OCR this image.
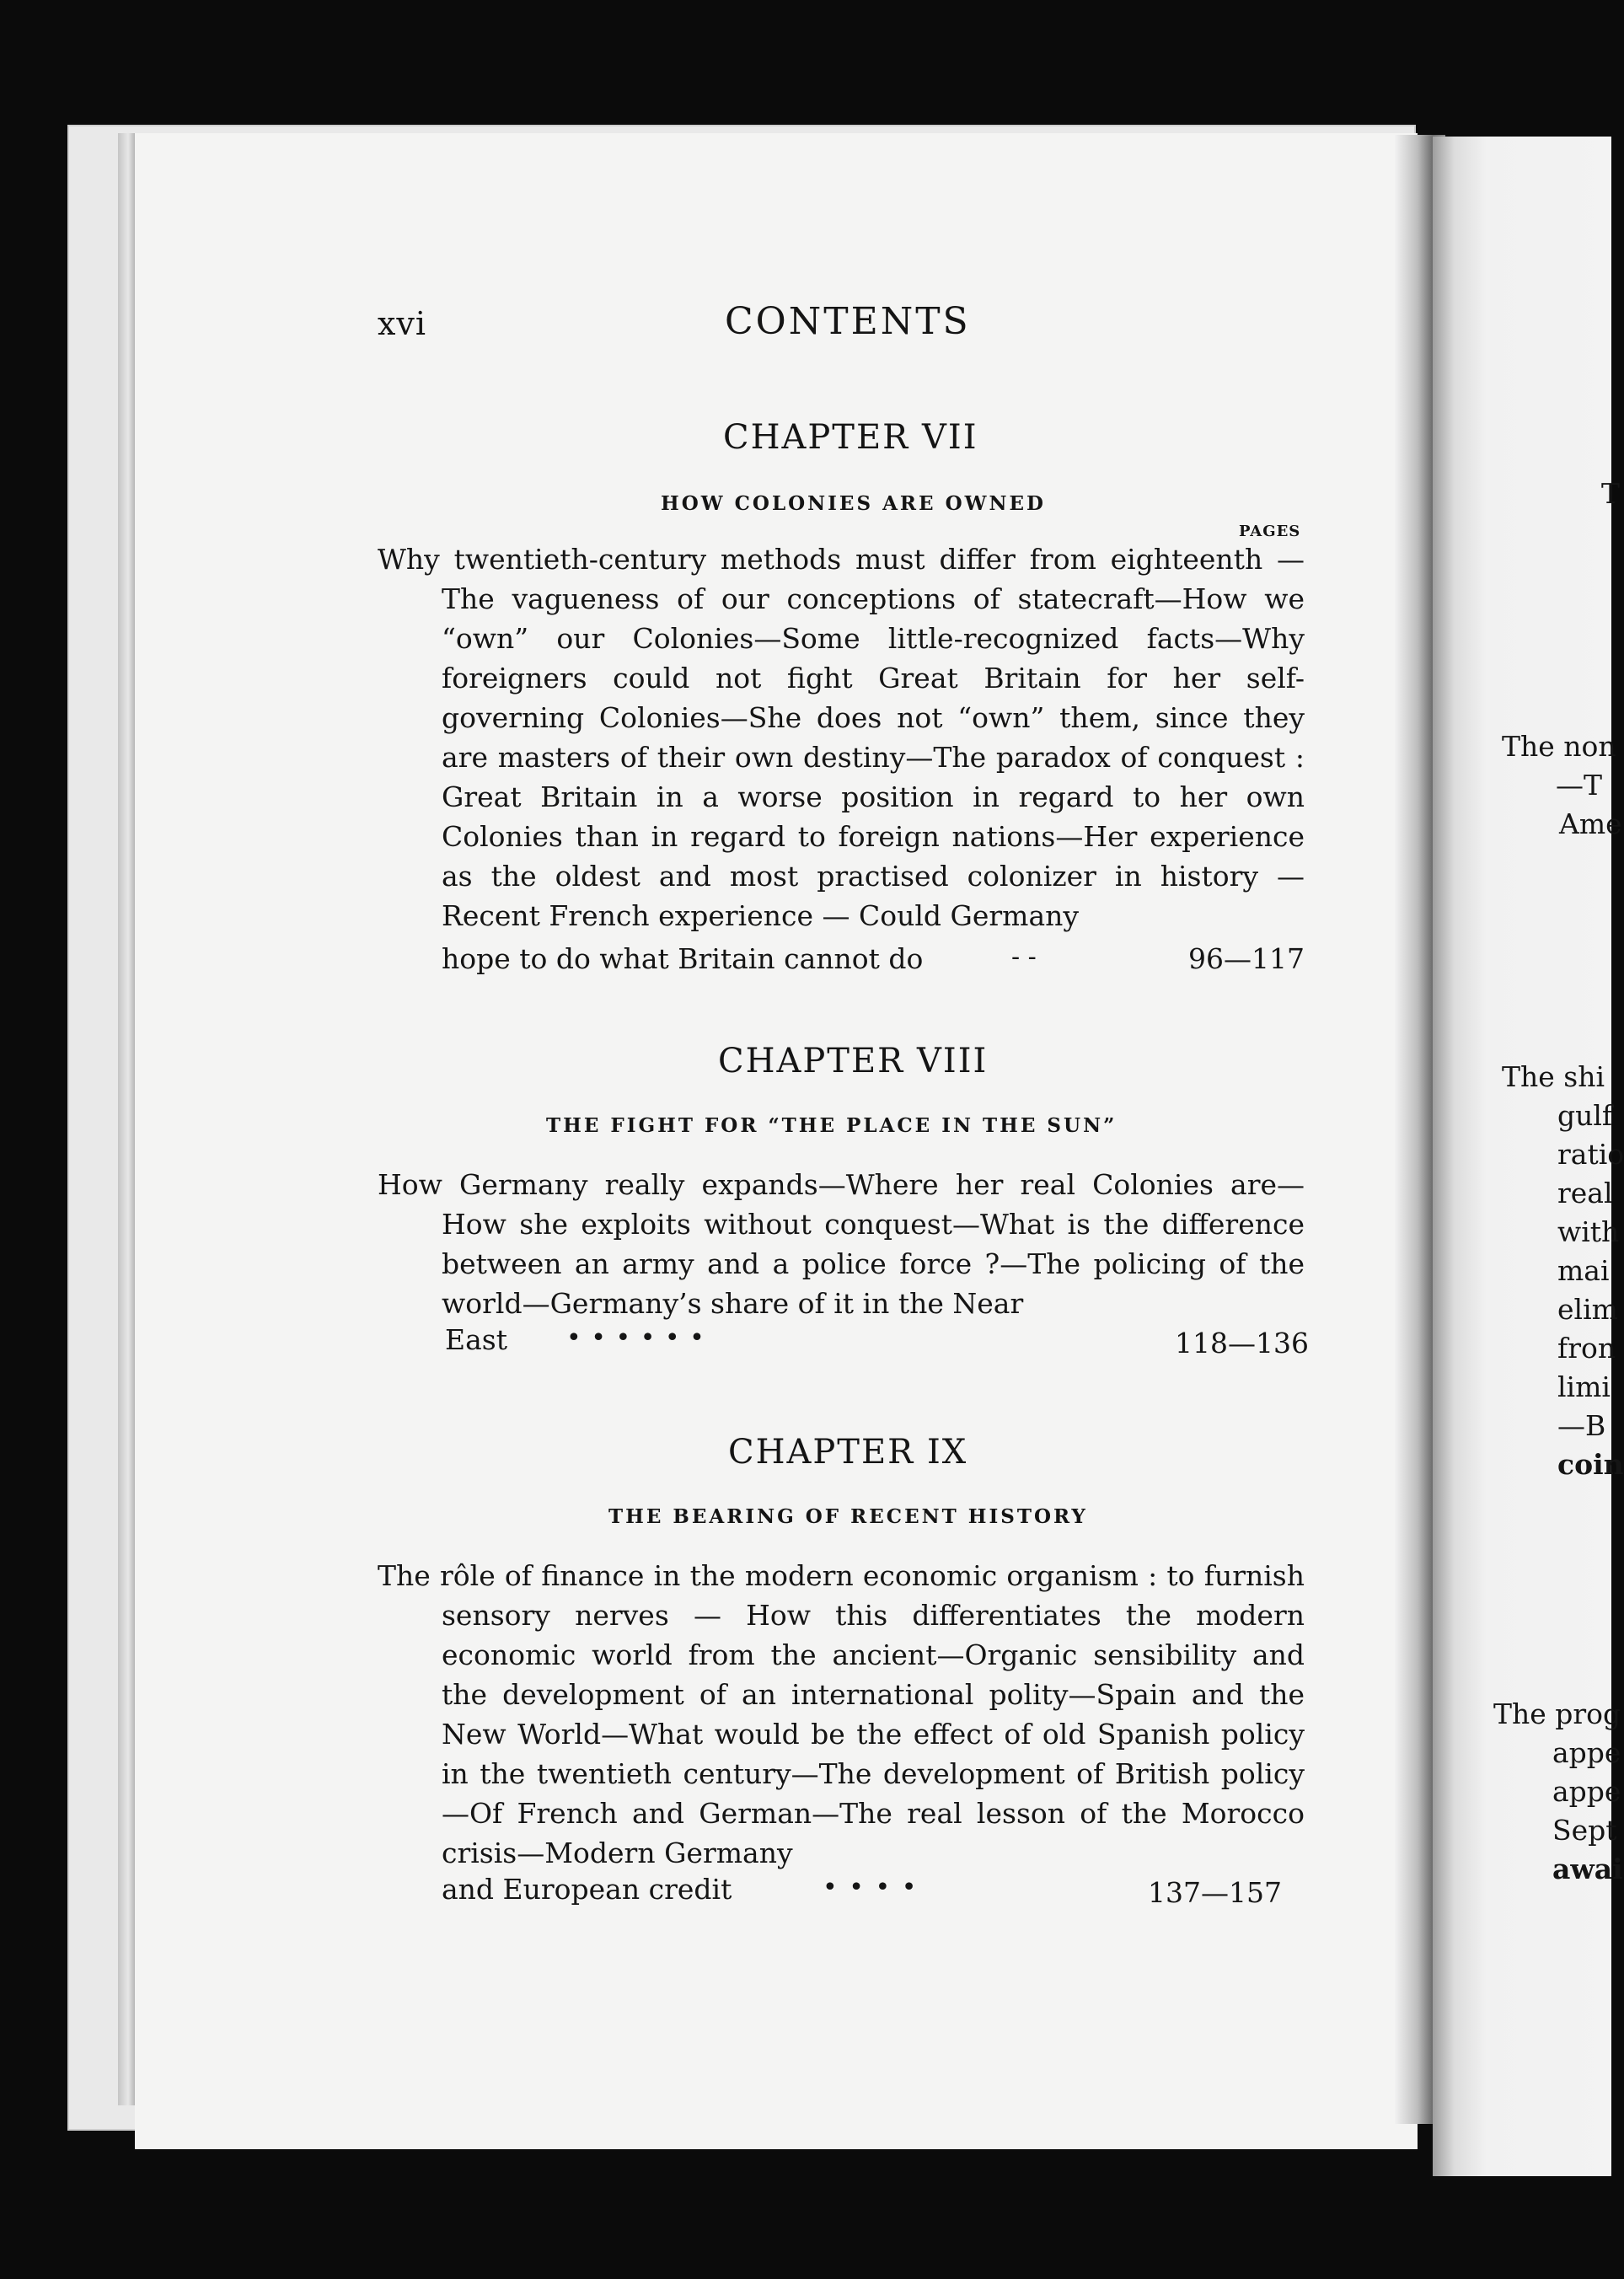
xvi	CONTENTS
CHAPTER VII
HOW COLONIES ARE OWNED
PAGES
Why twentieth-century methods must differ from eighteenth —The vagueness of our conceptions of statecraft—How we “own” our Colonies—Some little-recognized facts—Why foreigners could not fight Great Britain for her self-governing Colonies—She does not “own” them, since they are masters of their own destiny—The paradox of conquest : Great Britain in a worse position in regard to her own Colonies than in regard to foreign nations—Her experience as the oldest and most practised colonizer in history — Recent French experience — Could Germany
hope to do what Britain cannot do	- -	96—117
CHAPTER VIII
THE FIGHT FOR “THE PLACE IN THE SUN”
How Germany really expands—Where her real Colonies are—How she exploits without conquest—What is the difference between an army and a police force ?—The policing of the world—Germany’s share of it in the Near
East • • • • • •	118—136
CHAPTER IX
THE BEARING OF RECENT HISTORY
The rôle of finance in the modern economic organism : to furnish sensory nerves — How this differentiates the modern economic world from the ancient—Organic sensibility and the development of an international polity—Spain and the New World—What would be the effect of old Spanish policy in the twentieth century—The development of British policy—Of French and German—The real lesson of the Morocco crisis—Modern Germany
and European credit	• • • •	137—157
T
The non
—T
Ame
The shi
gulf
ratio
real
with
mai
elim
fron
limi
—B
coin
The prog
appe
appe
Sept
awai
